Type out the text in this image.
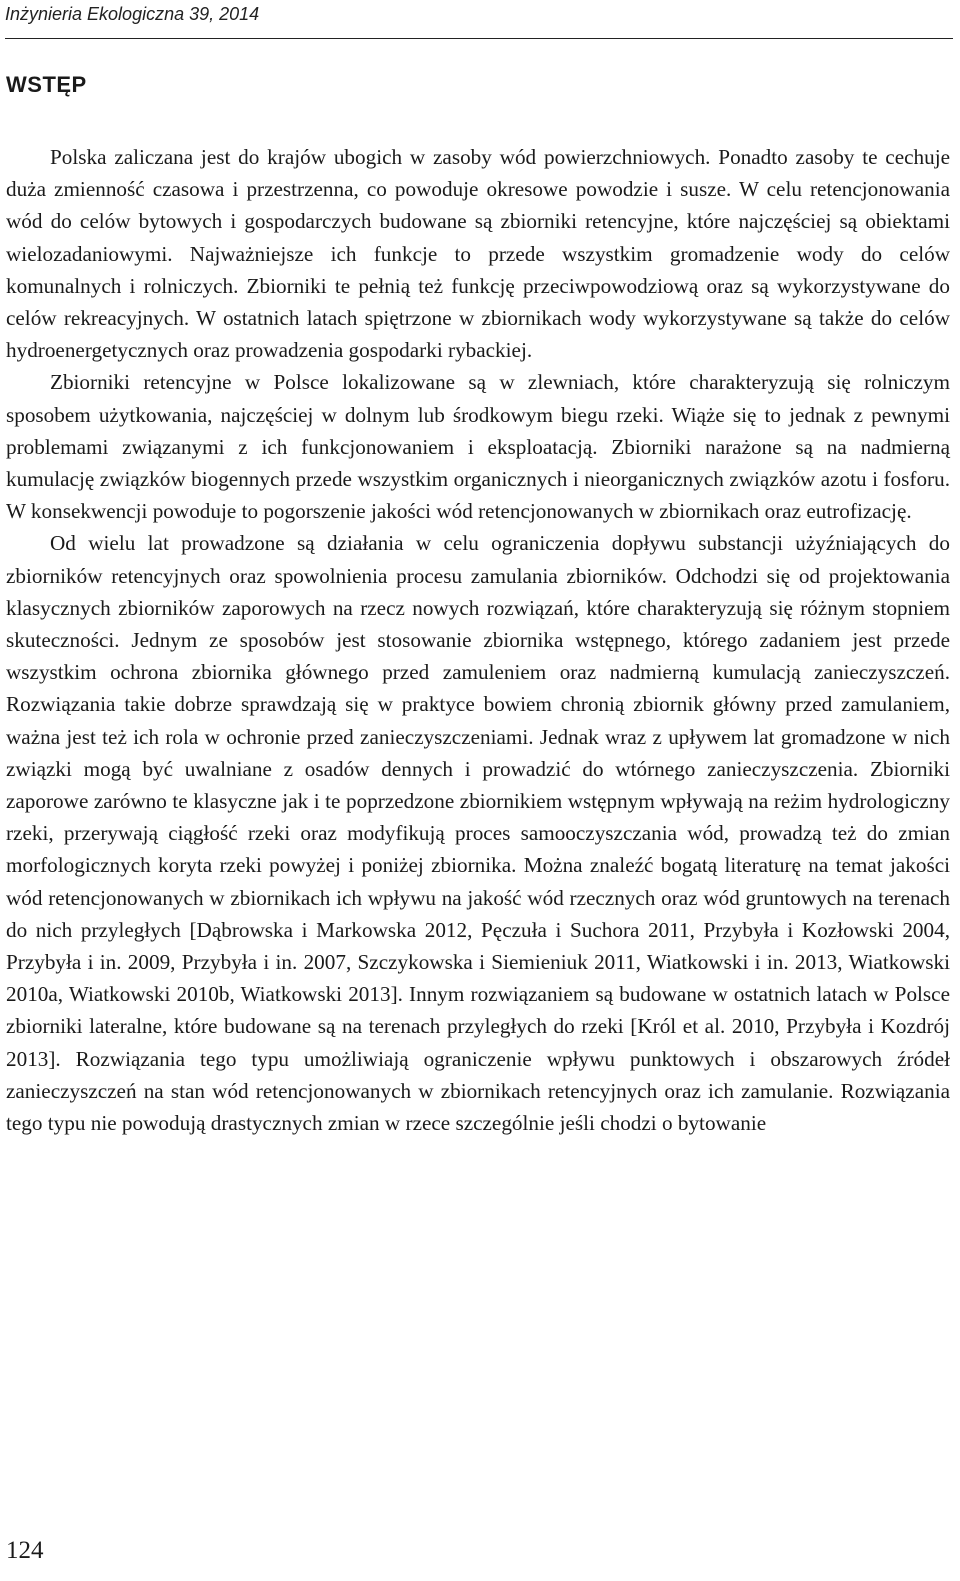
Inżynieria Ekologiczna 39, 2014
WSTĘP

Polska zaliczana jest do krajów ubogich w zasoby wód powierzchniowych. Ponadto zasoby te cechuje duża zmienność czasowa i przestrzenna, co powoduje okresowe powodzie i susze. W celu retencjonowania wód do celów bytowych i gospodarczych budowane są zbiorniki retencyjne, które najczęściej są obiektami wielozadaniowymi. Najważniejsze ich funkcje to przede wszystkim gromadzenie wody do celów komunalnych i rolniczych. Zbiorniki te pełnią też funkcję przeciwpowodziową oraz są wykorzystywane do celów rekreacyjnych. W ostatnich latach spiętrzone w zbiornikach wody wykorzystywane są także do celów hydroenergetycznych oraz prowadzenia gospodarki rybackiej.

Zbiorniki retencyjne w Polsce lokalizowane są w zlewniach, które charakteryzują się rolniczym sposobem użytkowania, najczęściej w dolnym lub środkowym biegu rzeki. Wiąże się to jednak z pewnymi problemami związanymi z ich funkcjonowaniem i eksploatacją. Zbiorniki narażone są na nadmierną kumulację związków biogennych przede wszystkim organicznych i nieorganicznych związków azotu i fosforu. W konsekwencji powoduje to pogorszenie jakości wód retencjonowanych w zbiornikach oraz eutrofizację.

Od wielu lat prowadzone są działania w celu ograniczenia dopływu substancji użyźniających do zbiorników retencyjnych oraz spowolnienia procesu zamulania zbiorników. Odchodzi się od projektowania klasycznych zbiorników zaporowych na rzecz nowych rozwiązań, które charakteryzują się różnym stopniem skuteczności. Jednym ze sposobów jest stosowanie zbiornika wstępnego, którego zadaniem jest przede wszystkim ochrona zbiornika głównego przed zamuleniem oraz nadmierną kumulacją zanieczyszczeń. Rozwiązania takie dobrze sprawdzają się w praktyce bowiem chronią zbiornik główny przed zamulaniem, ważna jest też ich rola w ochronie przed zanieczyszczeniami. Jednak wraz z upływem lat gromadzone w nich związki mogą być uwalniane z osadów dennych i prowadzić do wtórnego zanieczyszczenia. Zbiorniki zaporowe zarówno te klasyczne jak i te poprzedzone zbiornikiem wstępnym wpływają na reżim hydrologiczny rzeki, przerywają ciągłość rzeki oraz modyfikują proces samooczyszczania wód, prowadzą też do zmian morfologicznych koryta rzeki powyżej i poniżej zbiornika. Można znaleźć bogatą literaturę na temat jakości wód retencjonowanych w zbiornikach ich wpływu na jakość wód rzecznych oraz wód gruntowych na terenach do nich przyległych [Dąbrowska i Markowska 2012, Pęczuła i Suchora 2011, Przybyła i Kozłowski 2004, Przybyła i in. 2009, Przybyła i in. 2007, Szczykowska i Siemieniuk 2011, Wiatkowski i in. 2013, Wiatkowski 2010a, Wiatkowski 2010b, Wiatkowski 2013]. Innym rozwiązaniem są budowane w ostatnich latach w Polsce zbiorniki lateralne, które budowane są na terenach przyległych do rzeki [Król et al. 2010, Przybyła i Kozdrój 2013]. Rozwiązania tego typu umożliwiają ograniczenie wpływu punktowych i obszarowych źródeł zanieczyszczeń na stan wód retencjonowanych w zbiornikach retencyjnych oraz ich zamulanie. Rozwiązania tego typu nie powodują drastycznych zmian w rzece szczególnie jeśli chodzi o bytowanie

124
